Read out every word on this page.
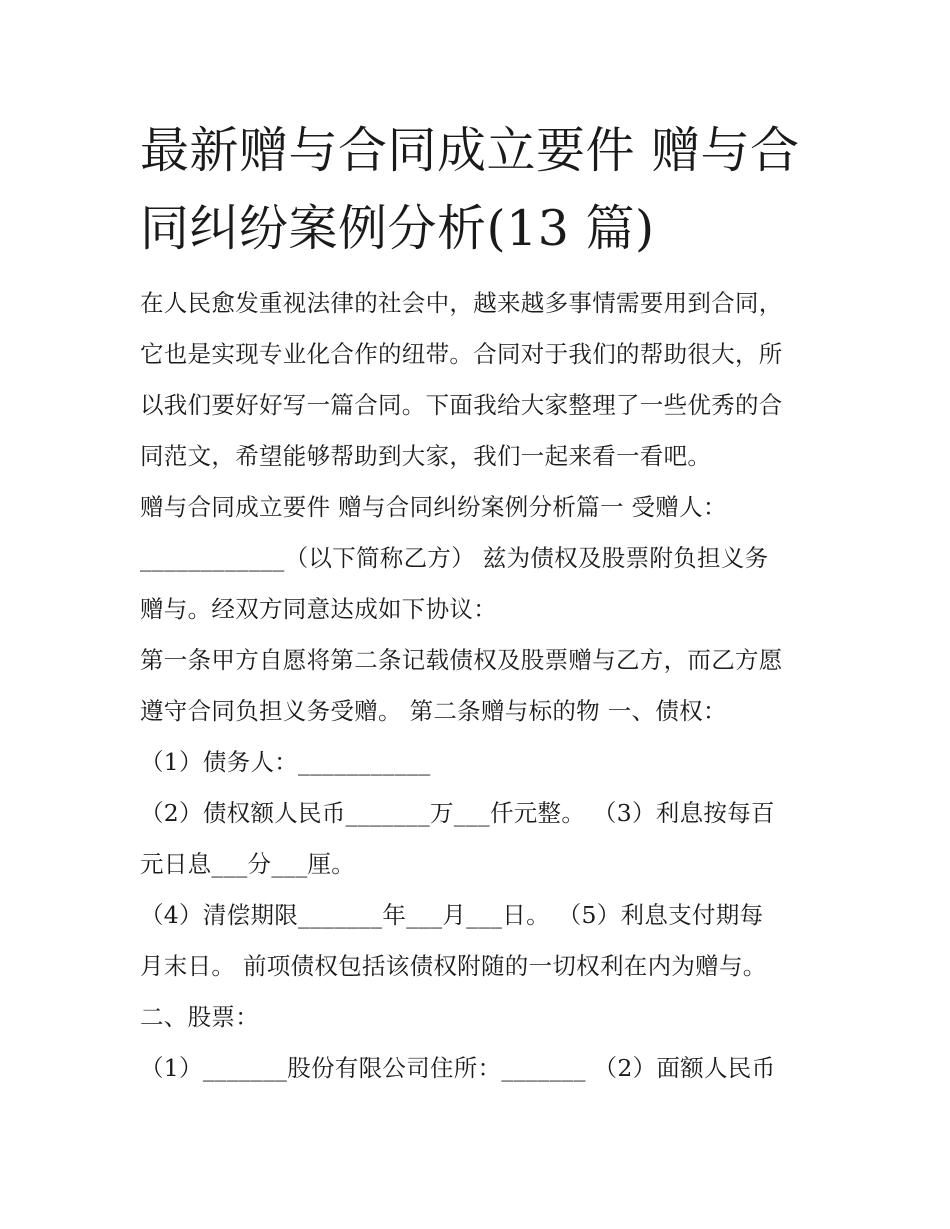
最新赠与合同成立要件 赠与合同纠纷案例分析(13 篇)

在人民愈发重视法律的社会中，越来越多事情需要用到合同，

它也是实现专业化合作的纽带。合同对于我们的帮助很大，所

以我们要好好写一篇合同。下面我给大家整理了一些优秀的合

同范文，希望能够帮助到大家，我们一起来看一看吧。

赠与合同成立要件 赠与合同纠纷案例分析篇一 受赠人：

____________（以下简称乙方） 兹为债权及股票附负担义务

赠与。经双方同意达成如下协议：

第一条甲方自愿将第二条记载债权及股票赠与乙方，而乙方愿

遵守合同负担义务受赠。 第二条赠与标的物 一、债权：

（1）债务人：___________

（2）债权额人民币_______万___仟元整。 （3）利息按每百

元日息___分___厘。

（4）清偿期限_______年___月___日。 （5）利息支付期每

月末日。 前项债权包括该债权附随的一切权利在内为赠与。

二、股票：

（1）_______股份有限公司住所：_______ （2）面额人民币
